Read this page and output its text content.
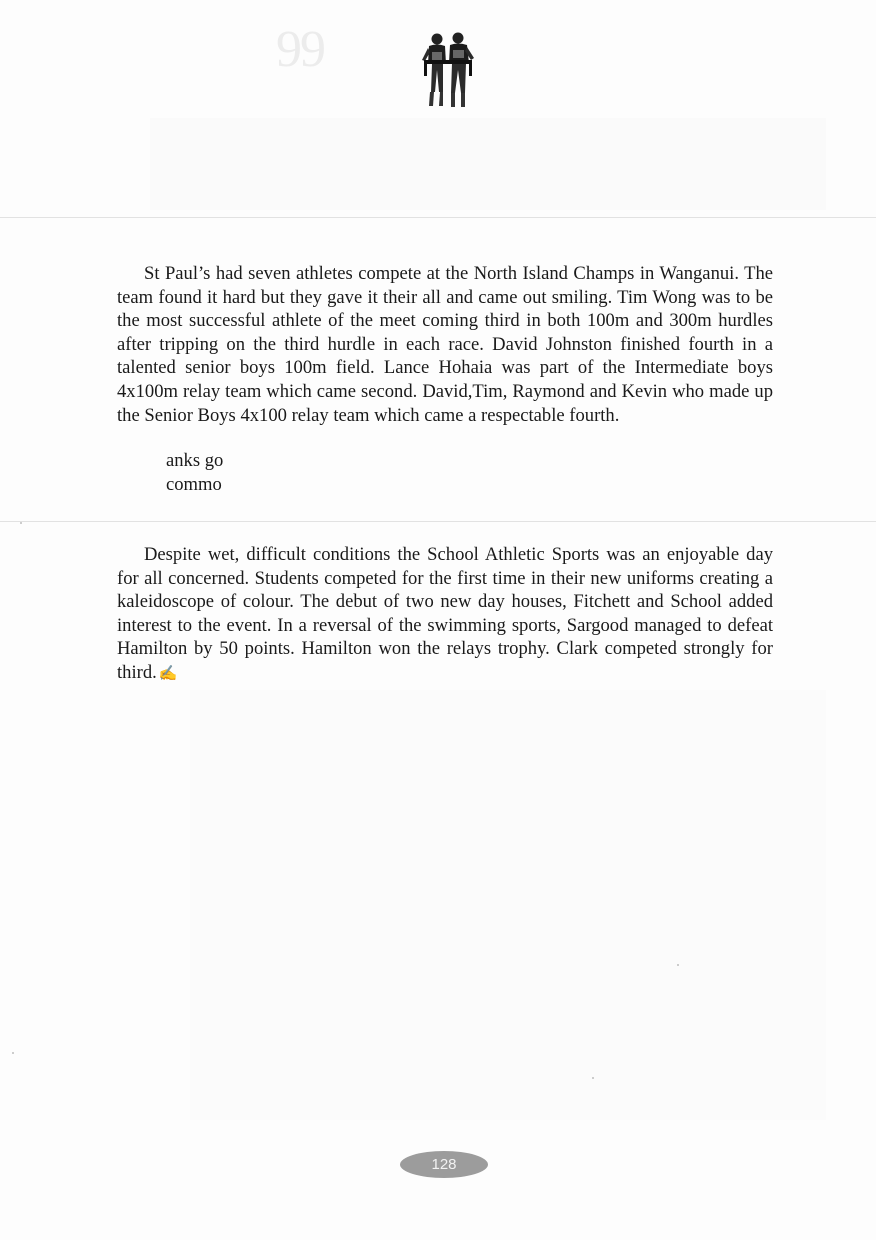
99

St Paul’s had seven athletes compete at the North Island Champs in Wanganui. The team found it hard but they gave it their all and came out smiling. Tim Wong was to be the most successful athlete of the meet coming third in both 100m and 300m hurdles after tripping on the third hurdle in each race. David Johnston finished fourth in a talented senior boys 100m field. Lance Hohaia was part of the Intermediate boys 4x100m relay team which came second. David,Tim, Raymond and Kevin who made up the Senior Boys 4x100 relay team which came a respectable fourth.

anks go
commo

Despite wet, difficult conditions the School Athletic Sports was an enjoyable day for all concerned. Students competed for the first time in their new uniforms creating a kaleidoscope of colour. The debut of two new day houses, Fitchett and School added interest to the event. In a reversal of the swimming sports, Sargood managed to defeat Hamilton by 50 points. Hamilton won the relays trophy. Clark competed strongly for third. ✍

128
